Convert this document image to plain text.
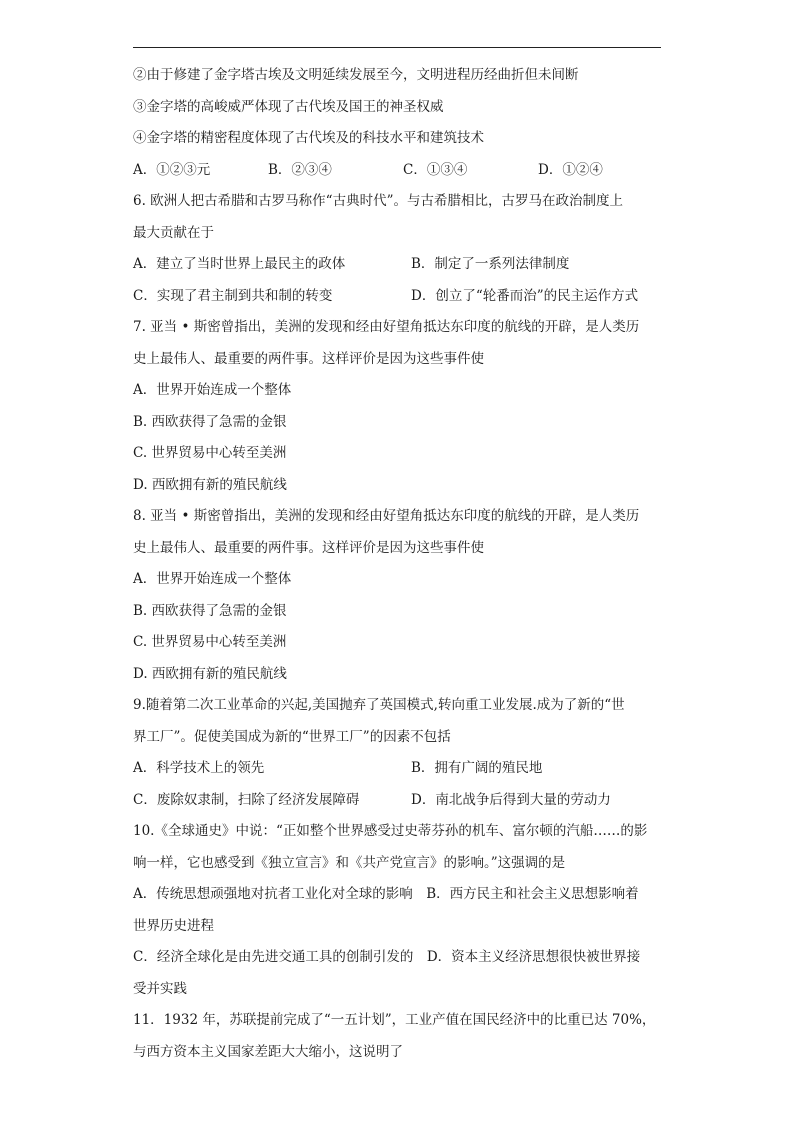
②由于修建了金字塔古埃及文明延续发展至今，文明进程历经曲折但未间断
③金字塔的高峻威严体现了古代埃及国王的神圣权威
④金字塔的精密程度体现了古代埃及的科技水平和建筑技术
A．①②③元	B．②③④	C．①③④	D．①②④
6. 欧洲人把古希腊和古罗马称作“古典时代”。与古希腊相比，古罗马在政治制度上
最大贡献在于
A．建立了当时世界上最民主的政体	B．制定了一系列法律制度
C．实现了君主制到共和制的转变	D．创立了“轮番而治”的民主运作方式
7. 亚当 • 斯密曾指出，美洲的发现和经由好望角抵达东印度的航线的开辟，是人类历
史上最伟人、最重要的两件事。这样评价是因为这些事件使
A．世界开始连成一个整体
B. 西欧获得了急需的金银
C. 世界贸易中心转至美洲
D. 西欧拥有新的殖民航线
8. 亚当 • 斯密曾指出，美洲的发现和经由好望角抵达东印度的航线的开辟，是人类历
史上最伟人、最重要的两件事。这样评价是因为这些事件使
A．世界开始连成一个整体
B. 西欧获得了急需的金银
C. 世界贸易中心转至美洲
D. 西欧拥有新的殖民航线
9.随着第二次工业革命的兴起,美国抛弃了英国模式,转向重工业发展.成为了新的“世
界工厂”。促使美国成为新的“世界工厂”的因素不包括
A．科学技术上的领先	B．拥有广阔的殖民地
C．废除奴隶制，扫除了经济发展障碍	D．南北战争后得到大量的劳动力
10.《全球通史》中说：“正如整个世界感受过史蒂芬孙的机车、富尔顿的汽船……的影
响一样，它也感受到《独立宣言》和《共产党宣言》的影响。”这强调的是
A．传统思想顽强地对抗者工业化对全球的影响　B．西方民主和社会主义思想影响着
世界历史进程
C．经济全球化是由先进交通工具的创制引发的　D．资本主义经济思想很快被世界接
受并实践
11．1932 年，苏联提前完成了“一五计划”，工业产值在国民经济中的比重已达 70%，
与西方资本主义国家差距大大缩小，这说明了
